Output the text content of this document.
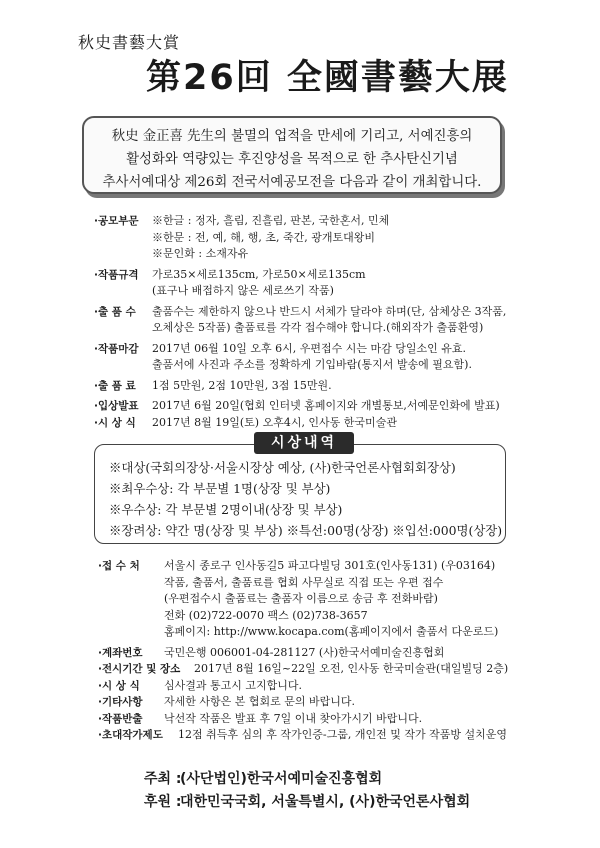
秋史書藝大賞
第26回 全國書藝大展
秋史 金正喜 先生의 불멸의 업적을 만세에 기리고, 서예진흥의
활성화와 역량있는 후진양성을 목적으로 한 추사탄신기념
추사서예대상 제26회 전국서예공모전을 다음과 같이 개최합니다.
·공모부문	※한글 : 정자, 흘림, 진흘림, 판본, 국한혼서, 민체
※한문 : 전, 예, 해, 행, 초, 죽간, 광개토대왕비
※문인화 : 소재자유
·작품규격	가로35×세로135cm, 가로50×세로135cm
(표구나 배접하지 않은 세로쓰기 작품)
·출 품 수	출품수는 제한하지 않으나 반드시 서체가 달라야 하며(단, 삼체상은 3작품,
오체상은 5작품) 출품료를 각각 접수해야 합니다.(해외작가 출품환영)
·작품마감	2017년 06월 10일 오후 6시, 우편접수 시는 마감 당일소인 유효.
출품서에 사진과 주소를 정확하게 기입바람(통지서 발송에 필요함).
·출 품 료	1점 5만원, 2점 10만원, 3점 15만원.
·입상발표	2017년 6월 20일(협회 인터넷 홈페이지와 개별통보,서예문인화에 발표)
·시 상 식	2017년 8월 19일(토) 오후4시, 인사동 한국미술관
※대상(국회의장상·서울시장상 예상, (사)한국언론사협회회장상)
※최우수상: 각 부문별 1명(상장 및 부상)
※우수상: 각 부문별 2명이내(상장 및 부상)
※장려상: 약간 명(상장 및 부상) ※특선:00명(상장) ※입선:000명(상장)
시상내역
·접 수 처	서울시 종로구 인사동길5 파고다빌딩 301호(인사동131) (우03164)
작품, 출품서, 출품료를 협회 사무실로 직접 또는 우편 접수
(우편접수시 출품료는 출품자 이름으로 송금 후 전화바람)
전화 (02)722-0070 팩스 (02)738-3657
홈페이지: http://www.kocapa.com(홈페이지에서 출품서 다운로드)
·계좌번호	국민은행 006001-04-281127 (사)한국서예미술진흥협회
·전시기간 및 장소	2017년 8월 16일~22일 오전, 인사동 한국미술관(대일빌딩 2층)
·시 상 식	심사결과 통고시 고지합니다.
·기타사항	자세한 사항은 본 협회로 문의 바랍니다.
·작품반출	낙선작 작품은 발표 후 7일 이내 찾아가시기 바랍니다.
·초대작가제도	12점 취득후 심의 후 작가인증-그룹, 개인전 및 작가 작품방 설치운영
주최 :(사단법인)한국서예미술진흥협회
후원 :대한민국국회, 서울특별시, (사)한국언론사협회
